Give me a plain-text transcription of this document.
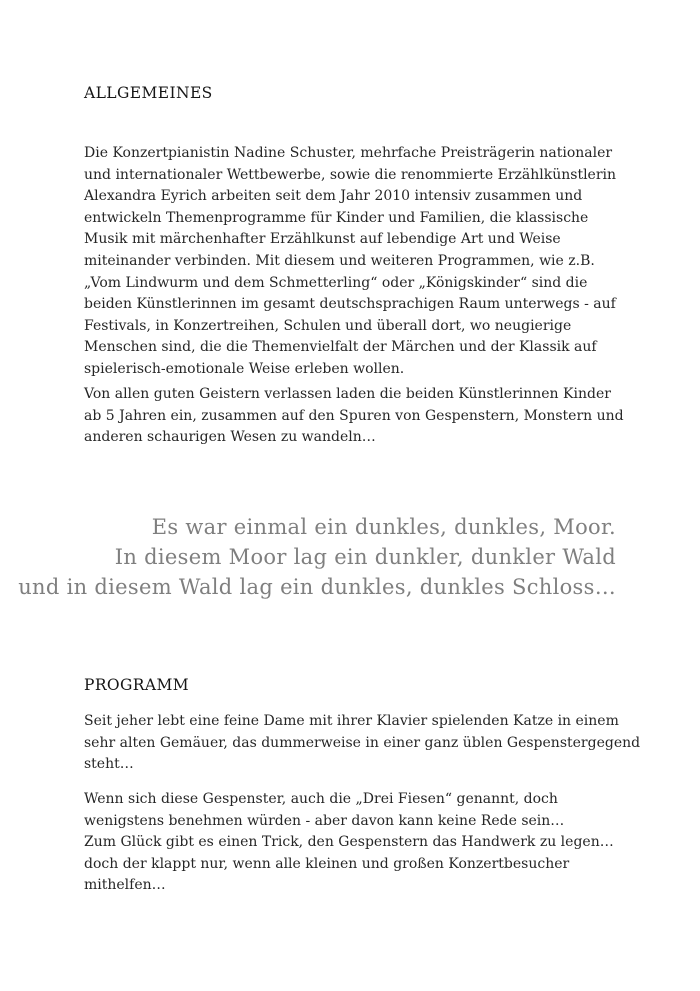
ALLGEMEINES

Die Konzertpianistin Nadine Schuster, mehrfache Preisträgerin nationaler
und internationaler Wettbewerbe, sowie die renommierte Erzählkünstlerin
Alexandra Eyrich arbeiten seit dem Jahr 2010 intensiv zusammen und
entwickeln Themenprogramme für Kinder und Familien, die klassische
Musik mit märchenhafter Erzählkunst auf lebendige Art und Weise
miteinander verbinden. Mit diesem und weiteren Programmen, wie z.B.
„Vom Lindwurm und dem Schmetterling“ oder „Königskinder“ sind die
beiden Künstlerinnen im gesamt deutschsprachigen Raum unterwegs - auf
Festivals, in Konzertreihen, Schulen und überall dort, wo neugierige
Menschen sind, die die Themenvielfalt der Märchen und der Klassik auf
spielerisch-emotionale Weise erleben wollen.

Von allen guten Geistern verlassen laden die beiden Künstlerinnen Kinder
ab 5 Jahren ein, zusammen auf den Spuren von Gespenstern, Monstern und
anderen schaurigen Wesen zu wandeln…

Es war einmal ein dunkles, dunkles, Moor.
In diesem Moor lag ein dunkler, dunkler Wald
und in diesem Wald lag ein dunkles, dunkles Schloss…

PROGRAMM

Seit jeher lebt eine feine Dame mit ihrer Klavier spielenden Katze in einem
sehr alten Gemäuer, das dummerweise in einer ganz üblen Gespenstergegend
steht…

Wenn sich diese Gespenster, auch die „Drei Fiesen“ genannt, doch
wenigstens benehmen würden - aber davon kann keine Rede sein…
Zum Glück gibt es einen Trick, den Gespenstern das Handwerk zu legen…
doch der klappt nur, wenn alle kleinen und großen Konzertbesucher
mithelfen…
